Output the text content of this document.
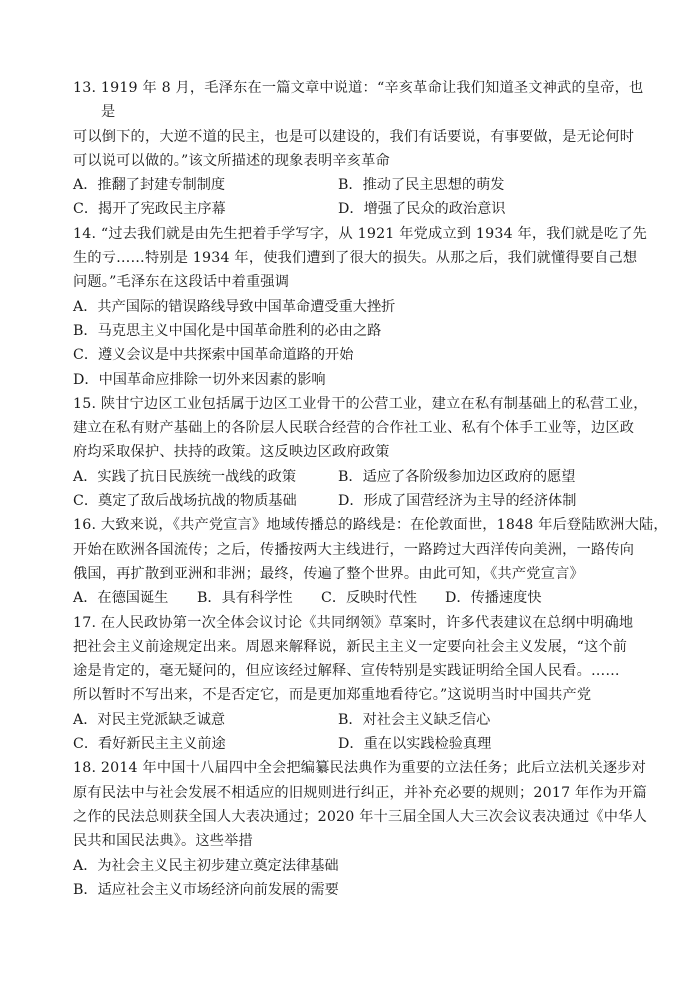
13. 1919 年 8 月，毛泽东在一篇文章中说道：“辛亥革命让我们知道圣文神武的皇帝，也
是
可以倒下的，大逆不道的民主，也是可以建设的，我们有话要说，有事要做，是无论何时
可以说可以做的。”该文所描述的现象表明辛亥革命
A．推翻了封建专制制度	B．推动了民主思想的萌发
C．揭开了宪政民主序幕	D．增强了民众的政治意识
14. “过去我们就是由先生把着手学写字，从 1921 年党成立到 1934 年，我们就是吃了先
生的亏……特别是 1934 年，使我们遭到了很大的损失。从那之后，我们就懂得要自己想
问题。”毛泽东在这段话中着重强调
A．共产国际的错误路线导致中国革命遭受重大挫折
B．马克思主义中国化是中国革命胜利的必由之路
C．遵义会议是中共探索中国革命道路的开始
D．中国革命应排除一切外来因素的影响
15. 陕甘宁边区工业包括属于边区工业骨干的公营工业，建立在私有制基础上的私营工业，
建立在私有财产基础上的各阶层人民联合经营的合作社工业、私有个体手工业等，边区政
府均采取保护、扶持的政策。这反映边区政府政策
A．实践了抗日民族统一战线的政策	B．适应了各阶级参加边区政府的愿望
C．奠定了敌后战场抗战的物质基础	D．形成了国营经济为主导的经济体制
16. 大致来说，《共产党宣言》地域传播总的路线是：在伦敦面世，1848 年后登陆欧洲大陆，
开始在欧洲各国流传；之后，传播按两大主线进行，一路跨过大西洋传向美洲，一路传向
俄国，再扩散到亚洲和非洲；最终，传遍了整个世界。由此可知，《共产党宣言》
A．在德国诞生	B．具有科学性	C．反映时代性	D．传播速度快
17. 在人民政协第一次全体会议讨论《共同纲领》草案时，许多代表建议在总纲中明确地
把社会主义前途规定出来。周恩来解释说，新民主主义一定要向社会主义发展，“这个前
途是肯定的，毫无疑问的，但应该经过解释、宣传特别是实践证明给全国人民看。……
所以暂时不写出来，不是否定它，而是更加郑重地看待它。”这说明当时中国共产党
A．对民主党派缺乏诚意	B．对社会主义缺乏信心
C．看好新民主主义前途	D．重在以实践检验真理
18. 2014 年中国十八届四中全会把编纂民法典作为重要的立法任务；此后立法机关逐步对
原有民法中与社会发展不相适应的旧规则进行纠正，并补充必要的规则；2017 年作为开篇
之作的民法总则获全国人大表决通过；2020 年十三届全国人大三次会议表决通过《中华人
民共和国民法典》。这些举措
A．为社会主义民主初步建立奠定法律基础
B．适应社会主义市场经济向前发展的需要
